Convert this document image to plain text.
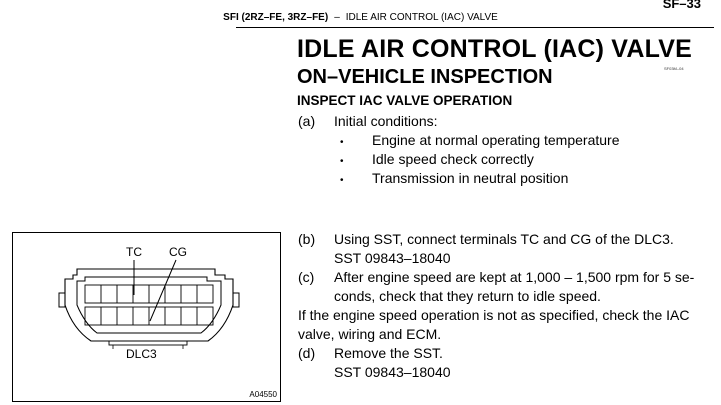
SF–33
SFI (2RZ–FE, 3RZ–FE) – IDLE AIR CONTROL (IAC) VALVE
IDLE AIR CONTROL (IAC) VALVE
SF03M–04
ON–VEHICLE INSPECTION
INSPECT IAC VALVE OPERATION
(a) Initial conditions:
• Engine at normal operating temperature
• Idle speed check correctly
• Transmission in neutral position
(b) Using SST, connect terminals TC and CG of the DLC3.
SST 09843–18040
(c) After engine speed are kept at 1,000 – 1,500 rpm for 5 se-
conds, check that they return to idle speed.
If the engine speed operation is not as specified, check the IAC
valve, wiring and ECM.
(d) Remove the SST.
SST 09843–18040
TC CG
DLC3
A04550
